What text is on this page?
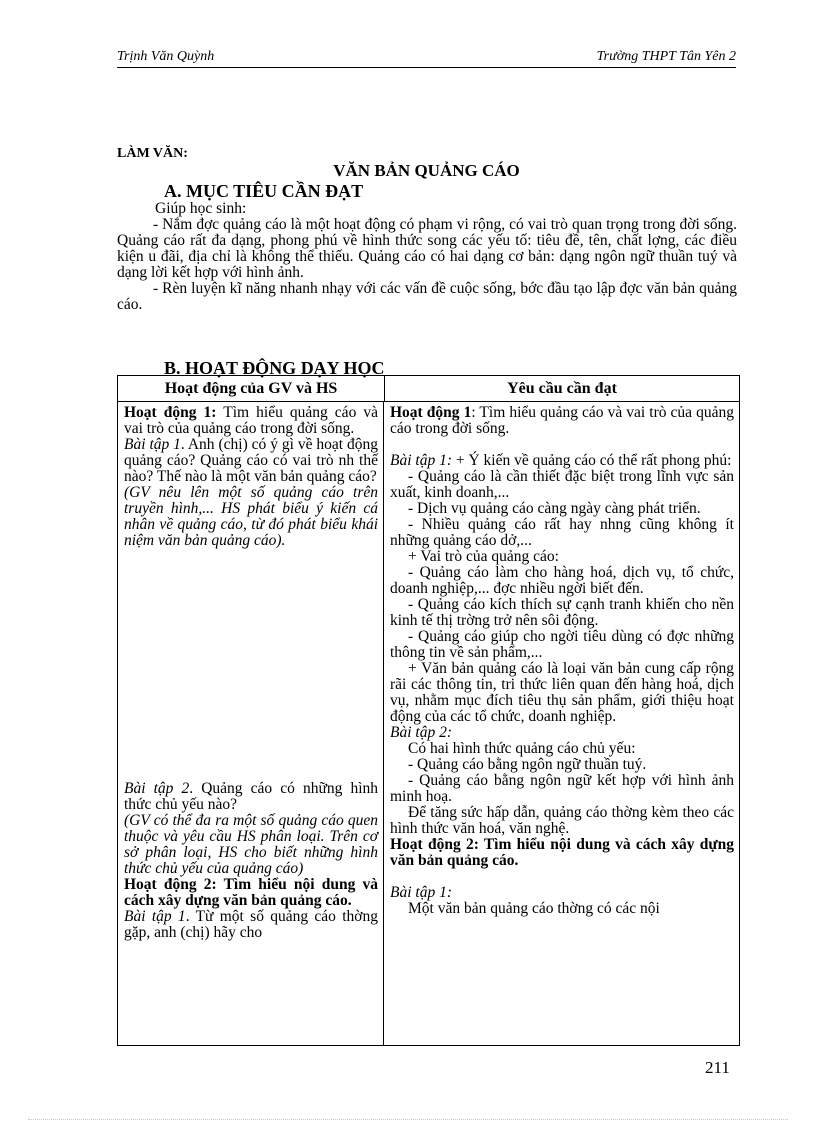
Trịnh Văn Quỳnh	Trường THPT Tân Yên 2
LÀM VĂN:
VĂN BẢN QUẢNG CÁO
A. MỤC TIÊU CẦN ĐẠT

Giúp học sinh:

- Nắm đợc quảng cáo là một hoạt động có phạm vi rộng, có vai trò quan trọng trong đời sống. Quảng cáo rất đa dạng, phong phú về hình thức song các yếu tố: tiêu đề, tên, chất lợng, các điều kiện u đãi, địa chỉ là không thể thiếu. Quảng cáo có hai dạng cơ bản: dạng ngôn ngữ thuần tuý và dạng lời kết hợp với hình ảnh.

- Rèn luyện kĩ năng nhanh nhạy với các vấn đề cuộc sống, bớc đầu tạo lập đợc văn bản quảng cáo.

B. HOẠT ĐỘNG DẠY HỌC
Hoạt động của GV và HS	Yêu cầu cần đạt

Hoạt động 1: Tìm hiểu quảng cáo và vai trò của quảng cáo trong đời sống.

Bài tập 1. Anh (chị) có ý gì về hoạt động quảng cáo? Quảng cáo có vai trò nh thế nào? Thế nào là một văn bản quảng cáo?

(GV nêu lên một số quảng cáo trên truyền hình,... HS phát biểu ý kiến cá nhân về quảng cáo, từ đó phát biểu khái niệm văn bản quảng cáo).

Bài tập 2. Quảng cáo có những hình thức chủ yếu nào?

(GV có thể đa ra một số quảng cáo quen thuộc và yêu cầu HS phân loại. Trên cơ sở phân loại, HS cho biết những hình thức chủ yếu của quảng cáo)

Hoạt động 2: Tìm hiểu nội dung và cách xây dựng văn bản quảng cáo.

Bài tập 1. Từ một số quảng cáo thờng gặp, anh (chị) hãy cho

Hoạt động 1: Tìm hiểu quảng cáo và vai trò của quảng cáo trong đời sống.

Bài tập 1: + Ý kiến về quảng cáo có thể rất phong phú:

- Quảng cáo là cần thiết đặc biệt trong lĩnh vực sản xuất, kinh doanh,...

- Dịch vụ quảng cáo càng ngày càng phát triển.

- Nhiều quảng cáo rất hay nhng cũng không ít những quảng cáo dở,...

+ Vai trò của quảng cáo:

- Quảng cáo làm cho hàng hoá, dịch vụ, tổ chức, doanh nghiệp,... đợc nhiều ngời biết đến.

- Quảng cáo kích thích sự cạnh tranh khiến cho nền kinh tế thị trờng trở nên sôi động.

- Quảng cáo giúp cho ngời tiêu dùng có đợc những thông tin về sản phẩm,...

+ Văn bản quảng cáo là loại văn bản cung cấp rộng rãi các thông tin, tri thức liên quan đến hàng hoá, dịch vụ, nhằm mục đích tiêu thụ sản phẩm, giới thiệu hoạt động của các tổ chức, doanh nghiệp.

Bài tập 2:

Có hai hình thức quảng cáo chủ yếu:

- Quảng cáo bằng ngôn ngữ thuần tuý.

- Quảng cáo bằng ngôn ngữ kết hợp với hình ảnh minh hoạ.

Để tăng sức hấp dẫn, quảng cáo thờng kèm theo các hình thức văn hoá, văn nghệ.

Hoạt động 2: Tìm hiểu nội dung và cách xây dựng văn bản quảng cáo.

Bài tập 1:

Một văn bản quảng cáo thờng có các nội

211
